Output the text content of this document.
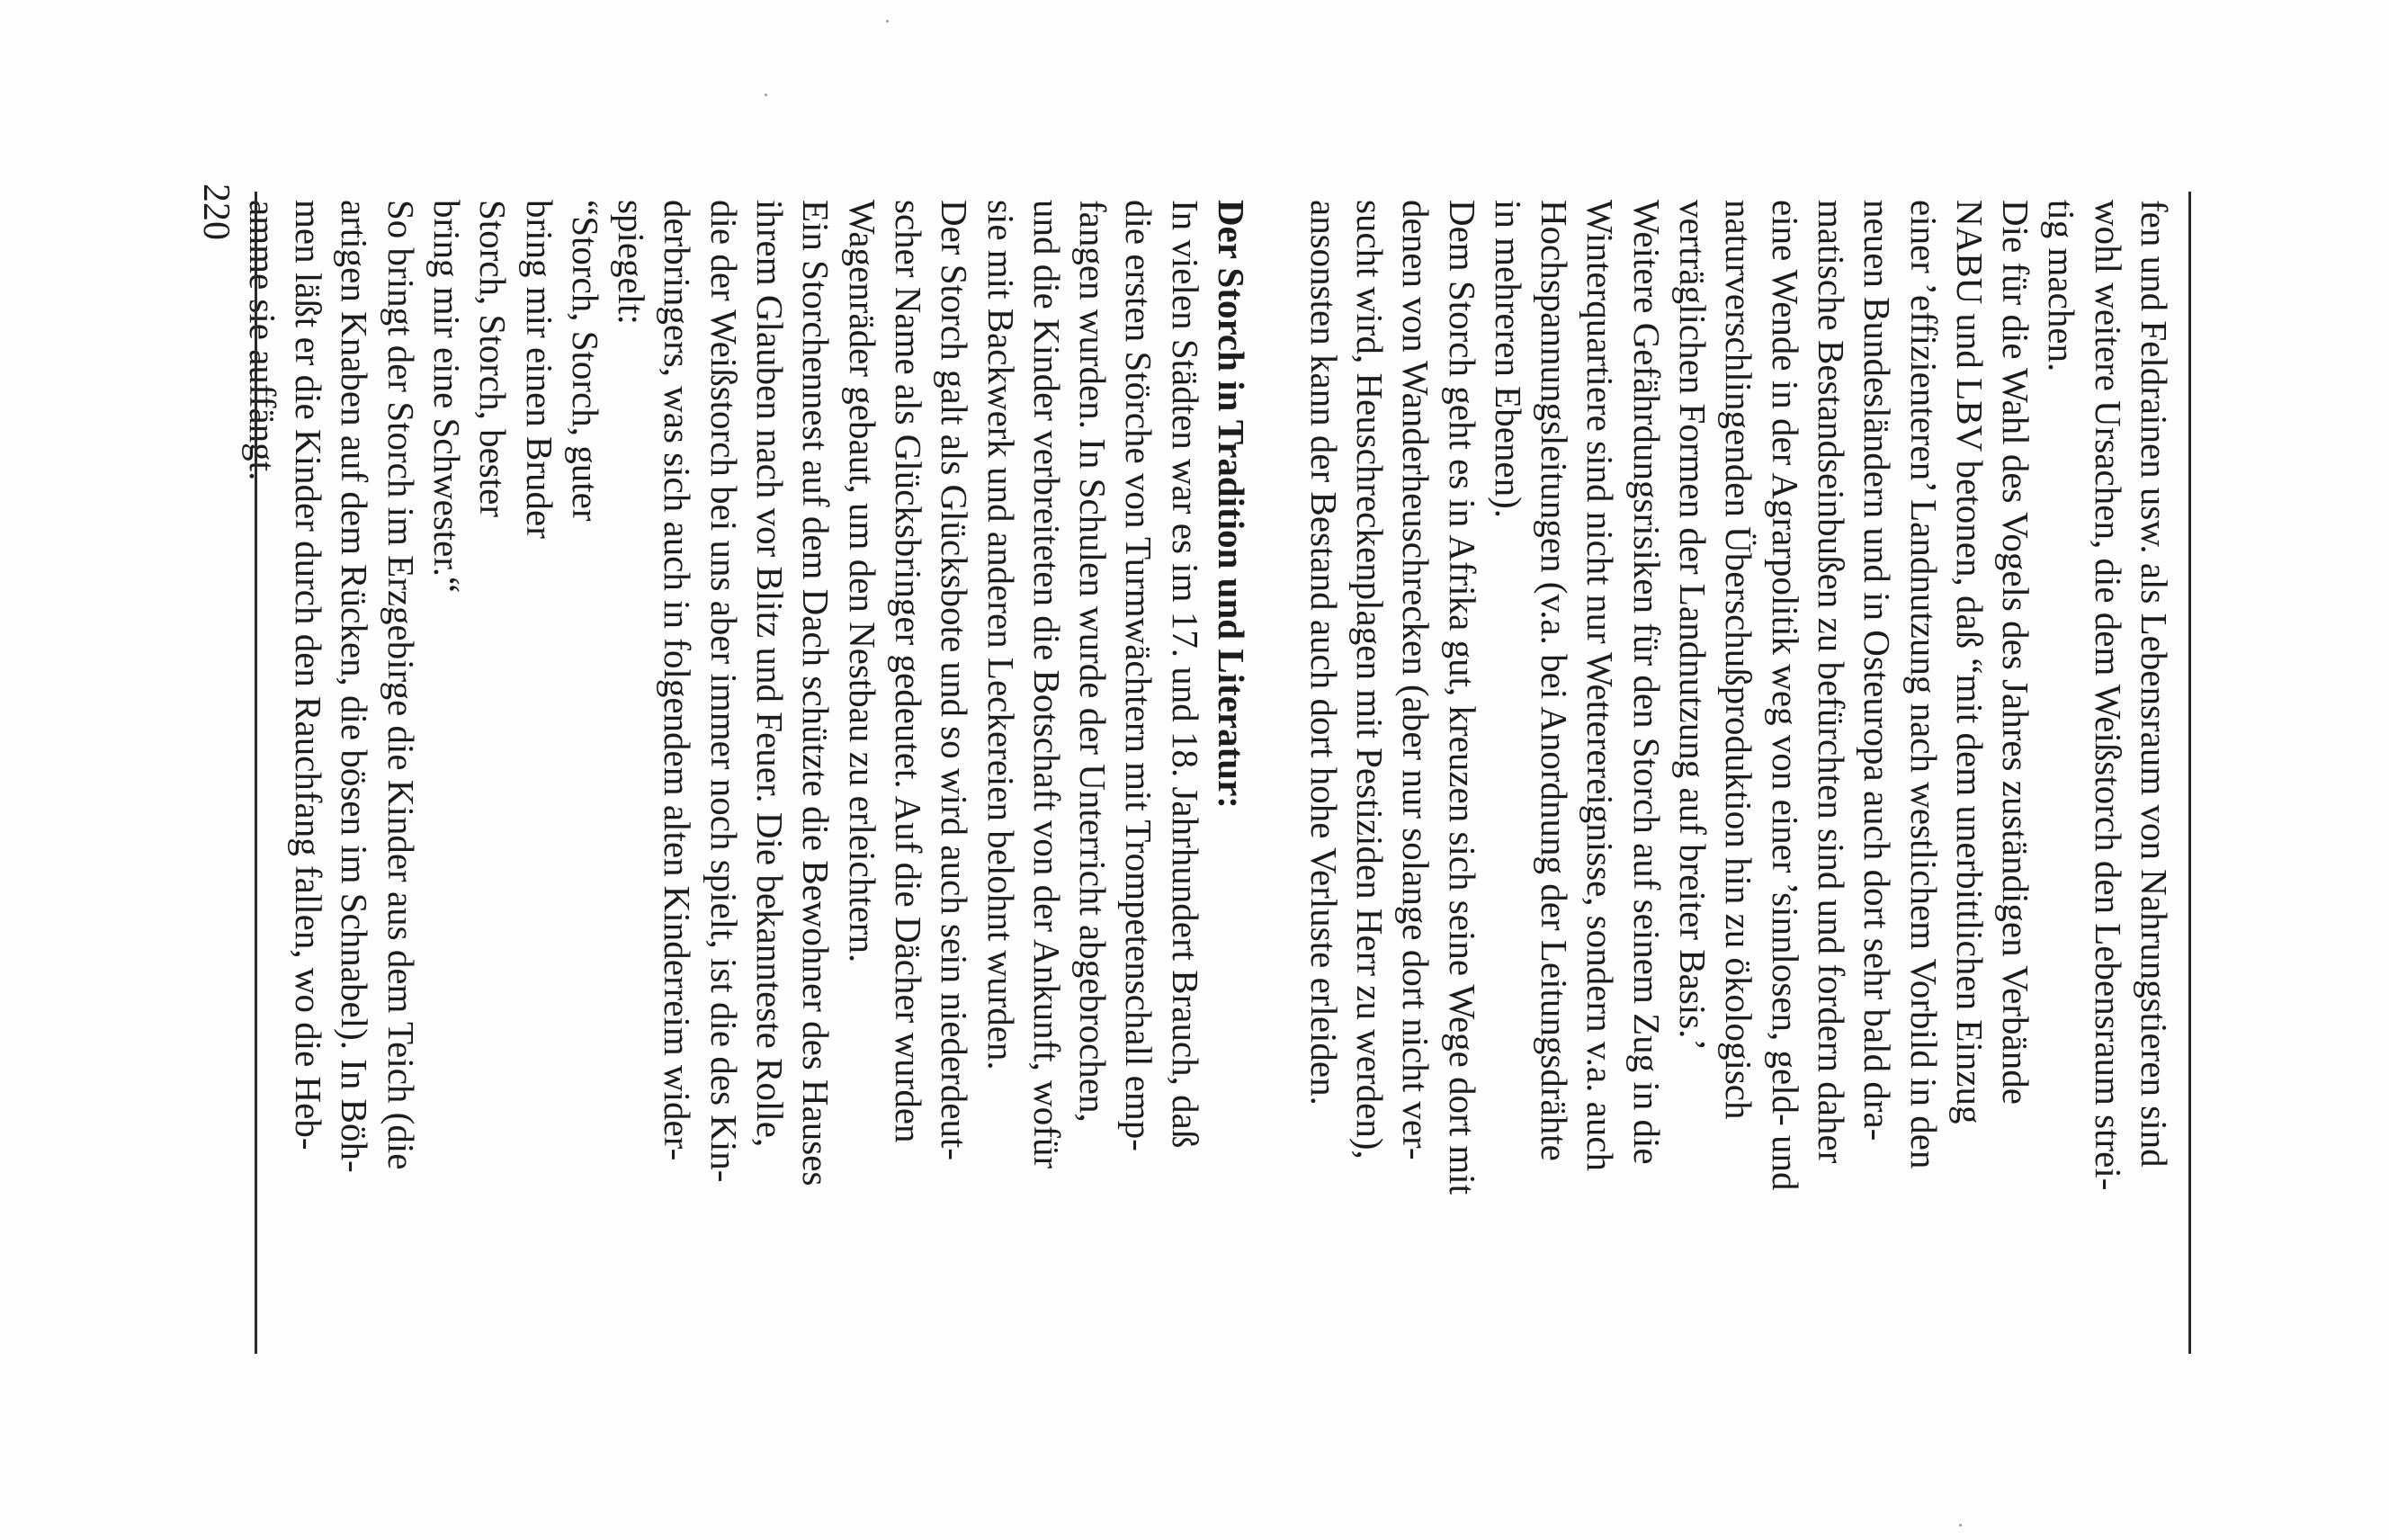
fen und Feldrainen usw. als Lebensraum von Nahrungstieren sind
wohl weitere Ursachen, die dem Weißstorch den Lebensraum strei-
tig machen.
Die für die Wahl des Vogels des Jahres zuständigen Verbände
NABU und LBV betonen, daß “mit dem unerbittlichen Einzug
einer ’effizienteren’ Landnutzung nach westlichem Vorbild in den
neuen Bundesländern und in Osteuropa auch dort sehr bald dra-
matische Bestandseinbußen zu befürchten sind und fordern daher
eine Wende in der Agrarpolitik weg von einer ’sinnlosen, geld- und
naturverschlingenden Überschußproduktion hin zu ökologisch
verträglichen Formen der Landnutzung auf breiter Basis.’
Weitere Gefährdungsrisiken für den Storch auf seinem Zug in die
Winterquartiere sind nicht nur Wetterereignisse, sondern v.a. auch
Hochspannungsleitungen (v.a. bei Anordnung der Leitungsdrähte
in mehreren Ebenen).
Dem Storch geht es in Afrika gut, kreuzen sich seine Wege dort mit
denen von Wanderheuschrecken (aber nur solange dort nicht ver-
sucht wird, Heuschreckenplagen mit Pestiziden Herr zu werden),
ansonsten kann der Bestand auch dort hohe Verluste erleiden.
Der Storch in Tradition und Literatur:
In vielen Städten war es im 17. und 18. Jahrhundert Brauch, daß
die ersten Störche von Turmwächtern mit Trompetenschall emp-
fangen wurden. In Schulen wurde der Unterricht abgebrochen,
und die Kinder verbreiteten die Botschaft von der Ankunft, wofür
sie mit Backwerk und anderen Leckereien belohnt wurden.
Der Storch galt als Glücksbote und so wird auch sein niederdeut-
scher Name als Glücksbringer gedeutet. Auf die Dächer wurden
Wagenräder gebaut, um den Nestbau zu erleichtern.
Ein Storchennest auf dem Dach schützte die Bewohner des Hauses
ihrem Glauben nach vor Blitz und Feuer. Die bekannteste Rolle,
die der Weißstorch bei uns aber immer noch spielt, ist die des Kin-
derbringers, was sich auch in folgendem alten Kinderreim wider-
spiegelt:
“Storch, Storch, guter
bring mir einen Bruder
Storch, Storch, bester
bring mir eine Schwester.“
So bringt der Storch im Erzgebirge die Kinder aus dem Teich (die
artigen Knaben auf dem Rücken, die bösen im Schnabel). In Böh-
men läßt er die Kinder durch den Rauchfang fallen, wo die Heb-
amme sie auffängt.
220
